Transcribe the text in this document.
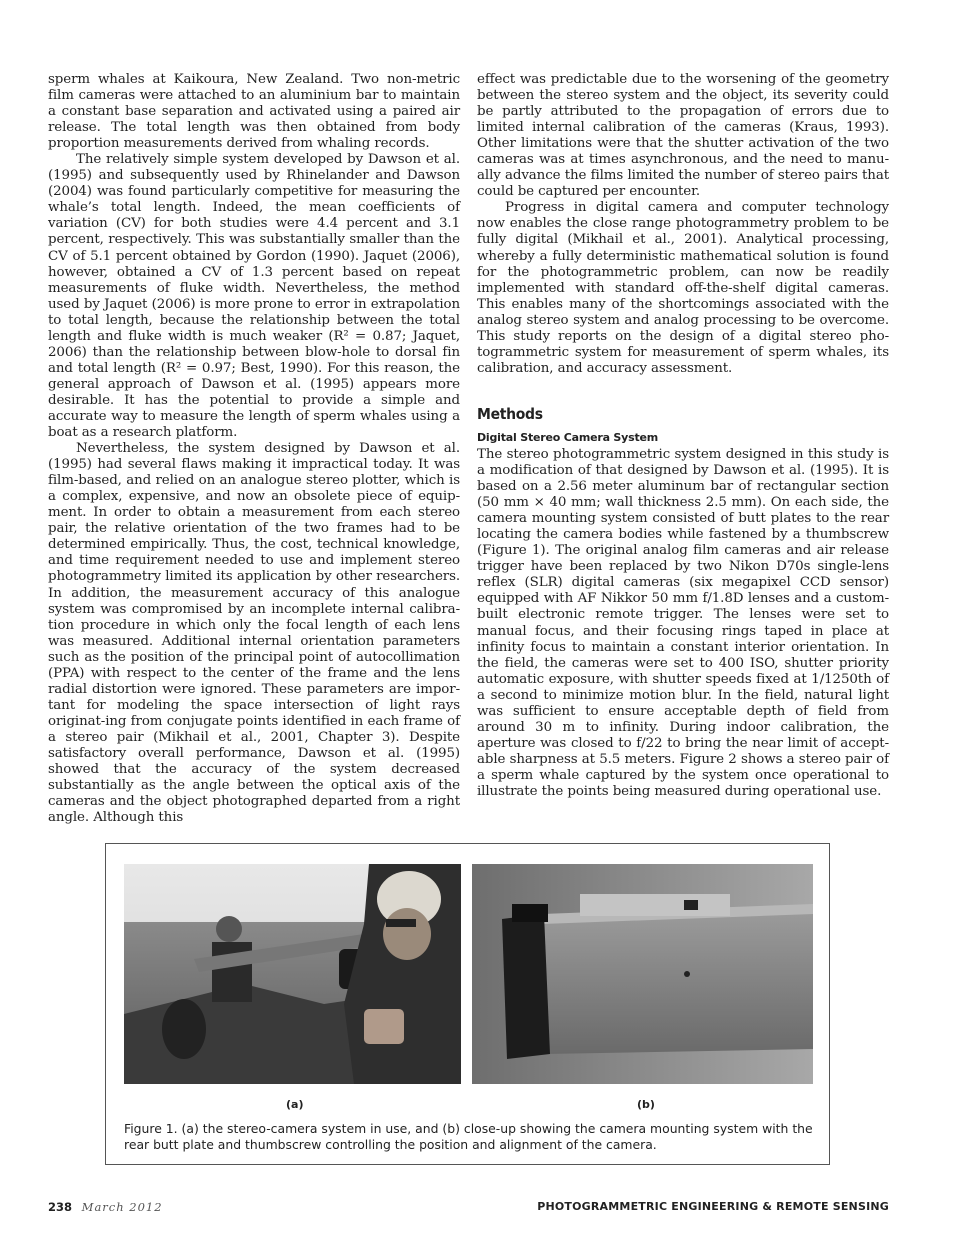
sperm whales at Kaikoura, New Zealand. Two non-metric film cameras were attached to an aluminium bar to maintain a constant base separation and activated using a paired air release. The total length was then obtained from body proportion measurements derived from whaling records.

The relatively simple system developed by Dawson et al. (1995) and subsequently used by Rhinelander and Dawson (2004) was found particularly competitive for measuring the whale’s total length. Indeed, the mean coefficients of variation (CV) for both studies were 4.4 percent and 3.1 percent, respectively. This was substantially smaller than the CV of 5.1 percent obtained by Gordon (1990). Jaquet (2006), however, obtained a CV of 1.3 percent based on repeat measurements of fluke width. Nevertheless, the method used by Jaquet (2006) is more prone to error in extrapolation to total length, because the relationship between the total length and fluke width is much weaker (R² = 0.87; Jaquet, 2006) than the relationship between blow-hole to dorsal fin and total length (R² = 0.97; Best, 1990). For this reason, the general approach of Dawson et al. (1995) appears more desirable. It has the potential to provide a simple and accurate way to measure the length of sperm whales using a boat as a research platform.

Nevertheless, the system designed by Dawson et al. (1995) had several flaws making it impractical today. It was film-based, and relied on an analogue stereo plotter, which is a complex, expensive, and now an obsolete piece of equip-ment. In order to obtain a measurement from each stereo pair, the relative orientation of the two frames had to be determined empirically. Thus, the cost, technical knowledge, and time requirement needed to use and implement stereo photogrammetry limited its application by other researchers. In addition, the measurement accuracy of this analogue system was compromised by an incomplete internal calibra-tion procedure in which only the focal length of each lens was measured. Additional internal orientation parameters such as the position of the principal point of autocollimation (PPA) with respect to the center of the frame and the lens radial distortion were ignored. These parameters are impor-tant for modeling the space intersection of light rays originat-ing from conjugate points identified in each frame of a stereo pair (Mikhail et al., 2001, Chapter 3). Despite satisfactory overall performance, Dawson et al. (1995) showed that the accuracy of the system decreased substantially as the angle between the optical axis of the cameras and the object photographed departed from a right angle. Although this

effect was predictable due to the worsening of the geometry between the stereo system and the object, its severity could be partly attributed to the propagation of errors due to limited internal calibration of the cameras (Kraus, 1993). Other limitations were that the shutter activation of the two cameras was at times asynchronous, and the need to manu-ally advance the films limited the number of stereo pairs that could be captured per encounter.

Progress in digital camera and computer technology now enables the close range photogrammetry problem to be fully digital (Mikhail et al., 2001). Analytical processing, whereby a fully deterministic mathematical solution is found for the photogrammetric problem, can now be readily implemented with standard off-the-shelf digital cameras. This enables many of the shortcomings associated with the analog stereo system and analog processing to be overcome. This study reports on the design of a digital stereo pho-togrammetric system for measurement of sperm whales, its calibration, and accuracy assessment.

Methods
Digital Stereo Camera System

The stereo photogrammetric system designed in this study is a modification of that designed by Dawson et al. (1995). It is based on a 2.56 meter aluminum bar of rectangular section (50 mm × 40 mm; wall thickness 2.5 mm). On each side, the camera mounting system consisted of butt plates to the rear locating the camera bodies while fastened by a thumbscrew (Figure 1). The original analog film cameras and air release trigger have been replaced by two Nikon D70s single-lens reflex (SLR) digital cameras (six megapixel CCD sensor) equipped with AF Nikkor 50 mm f/1.8D lenses and a custom-built electronic remote trigger. The lenses were set to manual focus, and their focusing rings taped in place at infinity focus to maintain a constant interior orientation. In the field, the cameras were set to 400 ISO, shutter priority automatic exposure, with shutter speeds fixed at 1/1250th of a second to minimize motion blur. In the field, natural light was sufficient to ensure acceptable depth of field from around 30 m to infinity. During indoor calibration, the aperture was closed to f/22 to bring the near limit of accept-able sharpness at 5.5 meters. Figure 2 shows a stereo pair of a sperm whale captured by the system once operational to illustrate the points being measured during operational use.

(a)	(b)
Figure 1. (a) the stereo-camera system in use, and (b) close-up showing the camera mounting system with the rear butt plate and thumbscrew controlling the position and alignment of the camera.
238 March 2012	PHOTOGRAMMETRIC ENGINEERING & REMOTE SENSING
